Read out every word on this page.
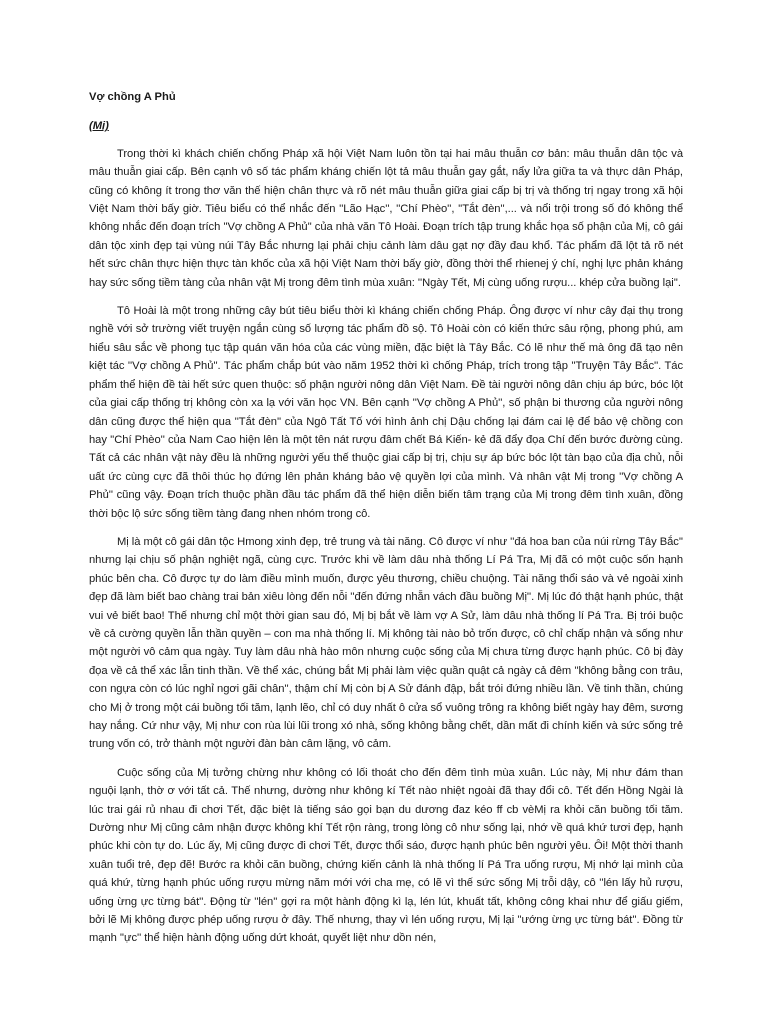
Vợ chồng A Phủ

(Mị)

Trong thời kì khách chiến chống Pháp xã hội Việt Nam luôn tồn tại hai mâu thuẫn cơ bản: mâu thuẫn dân tộc và mâu thuẫn giai cấp. Bên cạnh vô số tác phẩm kháng chiến lột tả mâu thuẫn gay gắt, nẩy lửa giữa ta và thực dân Pháp, cũng có không ít trong thơ văn thế hiện chân thực và rõ nét mâu thuẫn giữa giai cấp bị trị và thống trị ngay trong xã hội Việt Nam thời bấy giờ. Tiêu biểu có thể nhắc đến ''Lão Hạc'', ''Chí Phèo'', ''Tắt đèn'',... và nổi trội trong số đó không thể không nhắc đến đoạn trích ''Vợ chồng A Phủ'' của nhà văn Tô Hoài. Đoạn trích tập trung khắc họa số phận của Mị, cô gái dân tộc xinh đẹp tại vùng núi Tây Bắc nhưng lại phải chịu cảnh làm dâu gạt nợ đầy đau khổ. Tác phẩm đã lột tả rõ nét hết sức chân thực hiện thực tàn khốc của xã hội Việt Nam thời bấy giờ, đồng thời thể rhienej ý chí, nghị lực phản kháng hay sức sống tiềm tàng của nhân vật Mị trong đêm tình mùa xuân: ''Ngày Tết, Mị cùng uống rượu... khép cửa buồng lại''.

Tô Hoài là một trong những cây bút tiêu biểu thời kì kháng chiến chống Pháp. Ông được ví như cây đại thụ trong nghề với sở trường viết truyện ngắn cùng số lượng tác phẩm đồ sộ. Tô Hoài còn có kiến thức sâu rộng, phong phú, am hiểu sâu sắc về phong tục tập quán văn hóa của các vùng miền, đặc biệt là Tây Bắc. Có lẽ như thế mà ông đã tạo nên kiệt tác ''Vợ chồng A Phủ''. Tác phẩm chắp bút vào năm 1952 thời kì chống Pháp, trích trong tập ''Truyện Tây Bắc''. Tác phẩm thể hiện đề tài hết sức quen thuộc: số phận người nông dân Việt Nam. Đề tài người nông dân chịu áp bức, bóc lột của giai cấp thống trị không còn xa lạ với văn học VN. Bên cạnh ''Vợ chồng A Phủ'', số phận bi thương của người nông dân cũng được thể hiện qua ''Tắt đèn'' của Ngô Tất Tố với hình ảnh chị Dậu chống lại đám cai lệ để bảo vệ chồng con hay ''Chí Phèo'' của Nam Cao hiện lên là một tên nát rượu đâm chết Bá Kiến- kẻ đã đẩy đọa Chí đến bước đường cùng. Tất cả các nhân vật này đều là những người yếu thế thuộc giai cấp bị trị, chịu sự áp bức bóc lột tàn bạo của địa chủ, nỗi uất ức cùng cực đã thôi thúc họ đứng lên phản kháng bảo vệ quyền lợi của mình. Và nhân vật Mị trong ''Vợ chồng A Phủ'' cũng vậy. Đoạn trích thuộc phần đầu tác phẩm đã thể hiện diễn biến tâm trạng của Mị trong đêm tình xuân, đồng thời bộc lộ sức sống tiềm tàng đang nhen nhóm trong cô.

Mị là một cô gái dân tộc Hmong xinh đẹp, trẻ trung và tài năng. Cô được ví như ''đá hoa ban của núi rừng Tây Bắc'' nhưng lại chịu số phận nghiệt ngã, cùng cực. Trước khi về làm dâu nhà thống Lí Pá Tra, Mị đã có một cuộc sốn hạnh phúc bên cha. Cô được tự do làm điều mình muốn, được yêu thương, chiều chuộng. Tài năng thổi sáo và vẻ ngoài xinh đẹp đã làm biết bao chàng trai bản xiêu lòng đến nỗi ''đến đứng nhẵn vách đầu buồng Mị''. Mị lúc đó thật hạnh phúc, thật vui vẻ biết bao! Thế nhưng chỉ một thời gian sau đó, Mị bị bắt về làm vợ A Sử, làm dâu nhà thống lí Pá Tra. Bị trói buộc về cả cường quyền lẫn thần quyền – con ma nhà thống lí. Mị không tài nào bỏ trốn được, cô chỉ chấp nhận và sống như một người vô cảm qua ngày. Tuy làm dâu nhà hào môn nhưng cuộc sống của Mị chưa từng được hạnh phúc. Cô bị đày đọa về cả thể xác lẫn tinh thần. Về thể xác, chúng bắt Mị phải làm việc quần quật cả ngày cả đêm ''không bằng con trâu, con ngựa còn có lúc nghỉ ngơi gãi chân'', thậm chí Mị còn bị A Sử đánh đập, bắt trói đứng nhiều lần. Về tinh thần, chúng cho Mị ở trong một cái buồng tối tăm, lạnh lẽo, chỉ có duy nhất ô cửa sổ vuông trông ra không biết ngày hay đêm, sương hay nắng. Cứ như vậy, Mị như con rùa lùi lũi trong xó nhà, sống không bằng chết, dần mất đi chính kiến và sức sống trẻ trung vốn có, trở thành một người đàn bàn câm lặng, vô cảm.

Cuộc sống của Mị tưởng chừng như không có lối thoát cho đến đêm tình mùa xuân. Lúc này, Mị như đám than nguội lạnh, thờ ơ với tất cả. Thế nhưng, dường như không kí Tết nào nhiệt ngoài đã thay đổi cô. Tết đến Hồng Ngài là lúc trai gái rủ nhau đi chơi Tết, đặc biệt là tiếng sáo gọi bạn du dương đaz kéo ff cb vèMị ra khỏi căn buồng tối tăm. Dường như Mị cũng cảm nhận được không khí Tết rộn ràng, trong lòng cô như sống lại, nhớ về quá khứ tươi đẹp, hạnh phúc khi còn tự do. Lúc ấy, Mị cũng được đi chơi Tết, được thổi sáo, được hạnh phúc bên người yêu. Ôi! Một thời thanh xuân tuổi trẻ, đẹp đẽ! Bước ra khỏi căn buồng, chứng kiến cảnh là nhà thống lí Pá Tra uống rượu, Mị nhớ lại mình của quá khứ, từng hạnh phúc uống rượu mừng năm mới với cha mẹ, có lẽ vì thế sức sống Mị trỗi dậy, cô ''lén lấy hủ rượu, uống ừng ực từng bát''. Động từ ''lén'' gợi ra một hành động kì lạ, lén lút, khuất tất, không công khai như để giấu giếm, bởi lẽ Mị không được phép uống rượu ở đây. Thế nhưng, thay vì lén uống rượu, Mị lại ''ướng ừng ực từng bát''. Đồng từ mạnh ''ực'' thể hiện hành động uống dứt khoát, quyết liệt như dồn nén,
